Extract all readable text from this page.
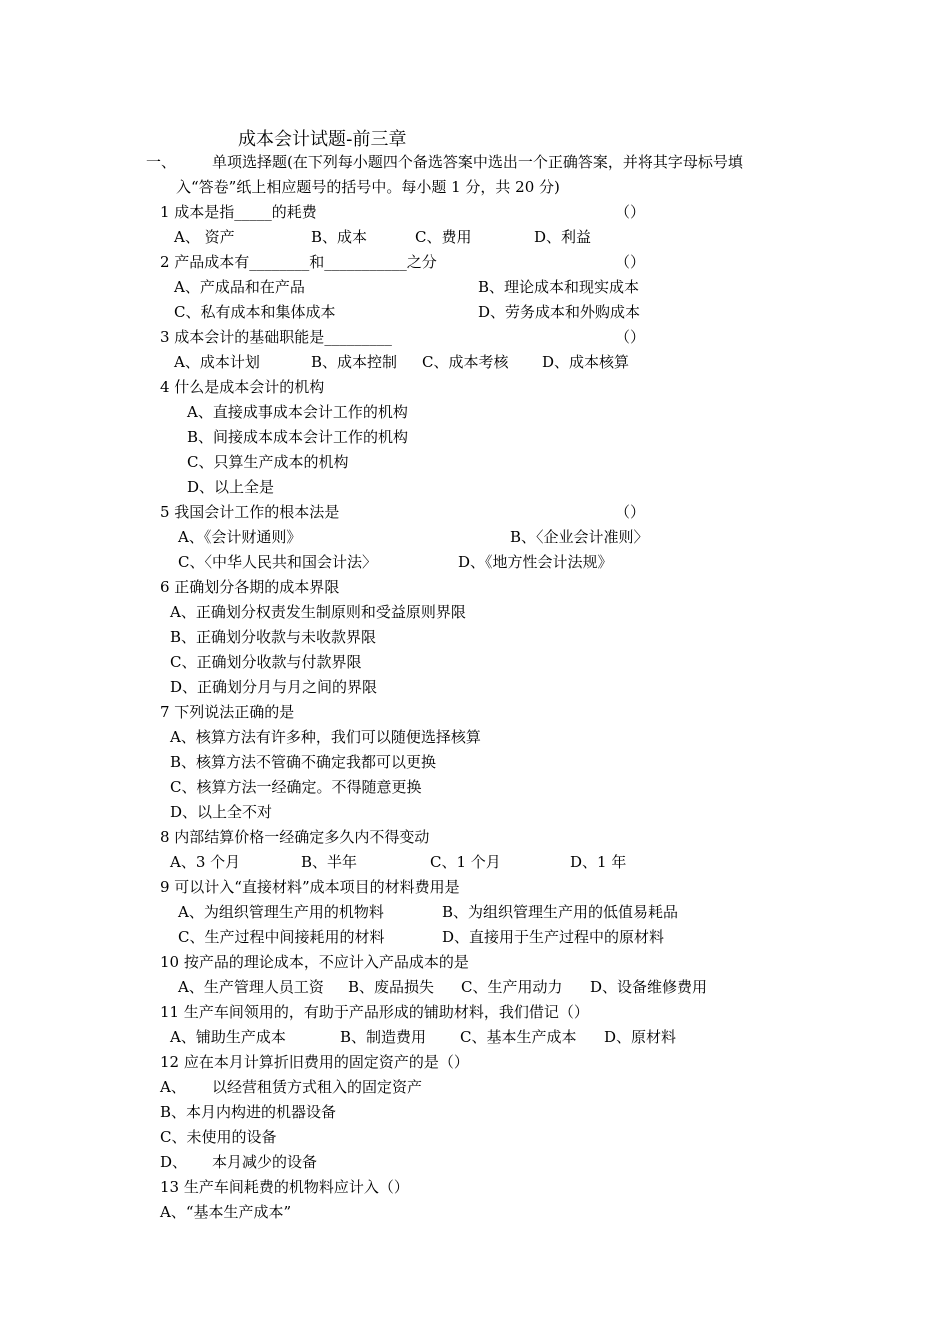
成本会计试题-前三章
一、 单项选择题(在下列每小题四个备选答案中选出一个正确答案，并将其字母标号填
入“答卷”纸上相应题号的括号中。每小题 1 分，共 20 分)
1 成本是指_____的耗费	（）
A、 资产	B、成本	C、费用	D、利益
2 产品成本有________和___________之分	（）
A、产成品和在产品	B、理论成本和现实成本
C、私有成本和集体成本	D、劳务成本和外购成本
3 成本会计的基础职能是_________	（）
A、成本计划	B、成本控制 C、成本考核 D、成本核算
4 什么是成本会计的机构
A、直接成事成本会计工作的机构
B、间接成本成本会计工作的机构
C、只算生产成本的机构
D、以上全是
5 我国会计工作的根本法是	（）
A、《会计财通则》	B、〈企业会计准则〉
C、〈中华人民共和国会计法〉	D、《地方性会计法规》
6 正确划分各期的成本界限
A、正确划分权责发生制原则和受益原则界限
B、正确划分收款与未收款界限
C、正确划分收款与付款界限
D、正确划分月与月之间的界限
7 下列说法正确的是
A、核算方法有许多种，我们可以随便选择核算
B、核算方法不管确不确定我都可以更换
C、核算方法一经确定。不得随意更换
D、以上全不对
8 内部结算价格一经确定多久内不得变动
A、3 个月	B、半年	C、1 个月	D、1 年
9 可以计入“直接材料”成本项目的材料费用是
A、为组织管理生产用的机物料	B、为组织管理生产用的低值易耗品
C、生产过程中间接耗用的材料	D、直接用于生产过程中的原材料
10 按产品的理论成本，不应计入产品成本的是
A、生产管理人员工资 B、废品损失 C、生产用动力 D、设备维修费用
11 生产车间领用的，有助于产品形成的铺助材料，我们借记（）
A、铺助生产成本	B、制造费用 C、基本生产成本 D、原材料
12 应在本月计算折旧费用的固定资产的是（）
A、 以经营租赁方式租入的固定资产
B、本月内构进的机器设备
C、未使用的设备
D、 本月减少的设备
13 生产车间耗费的机物料应计入（）
A、“基本生产成本”
